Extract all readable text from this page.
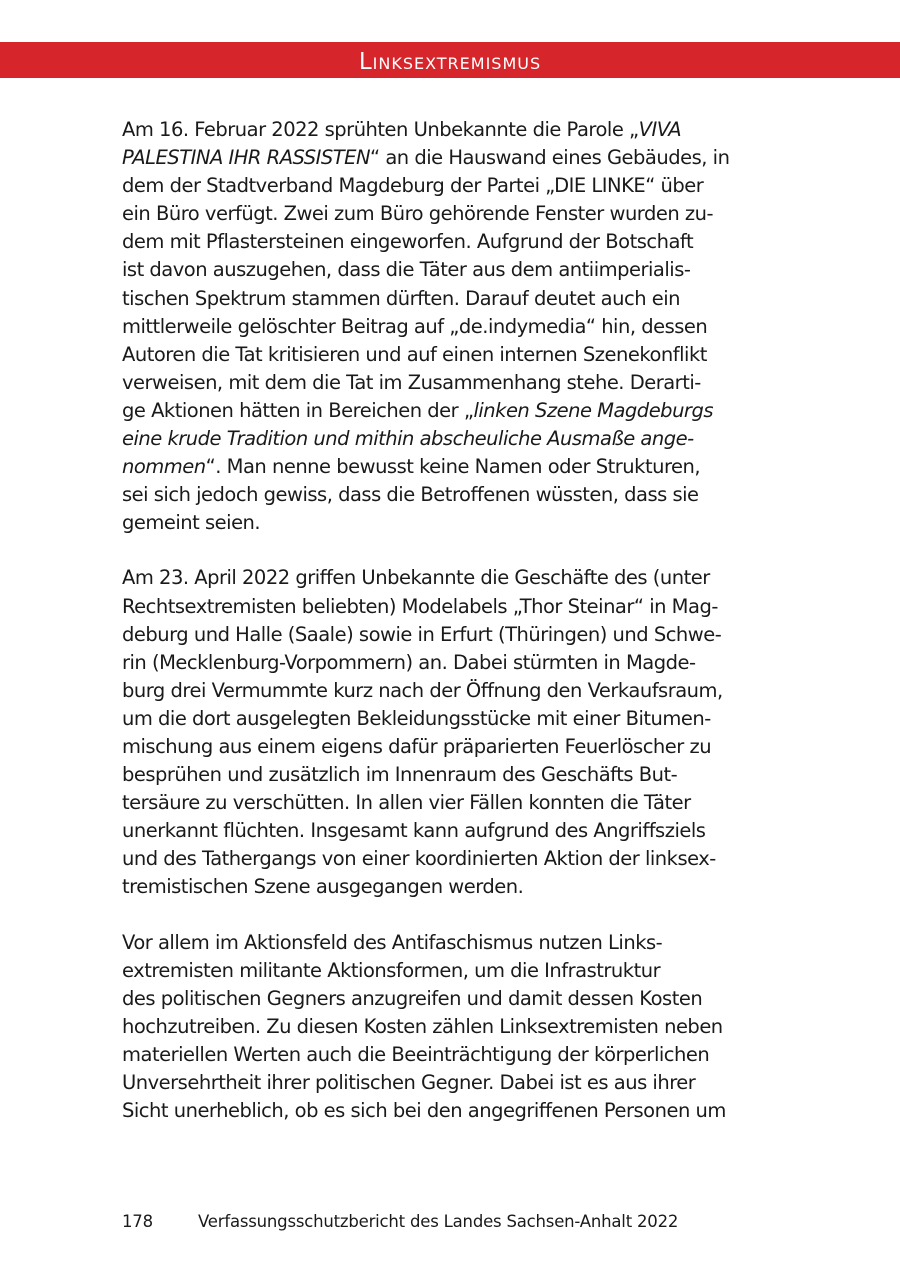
Linksextremismus

Am 16. Februar 2022 sprühten Unbekannte die Parole „VIVA
PALESTINA IHR RASSISTEN“ an die Hauswand eines Gebäudes, in
dem der Stadtverband Magdeburg der Partei „DIE LINKE“ über
ein Büro verfügt. Zwei zum Büro gehörende Fenster wurden zu-
dem mit Pflastersteinen eingeworfen. Aufgrund der Botschaft
ist davon auszugehen, dass die Täter aus dem antiimperialis-
tischen Spektrum stammen dürften. Darauf deutet auch ein
mittlerweile gelöschter Beitrag auf „de.indymedia“ hin, dessen
Autoren die Tat kritisieren und auf einen internen Szenekonflikt
verweisen, mit dem die Tat im Zusammenhang stehe. Derarti-
ge Aktionen hätten in Bereichen der „linken Szene Magdeburgs
eine krude Tradition und mithin abscheuliche Ausmaße ange-
nommen“. Man nenne bewusst keine Namen oder Strukturen,
sei sich jedoch gewiss, dass die Betroffenen wüssten, dass sie
gemeint seien.

Am 23. April 2022 griffen Unbekannte die Geschäfte des (unter
Rechtsextremisten beliebten) Modelabels „Thor Steinar“ in Mag-
deburg und Halle (Saale) sowie in Erfurt (Thüringen) und Schwe-
rin (Mecklenburg-Vorpommern) an. Dabei stürmten in Magde-
burg drei Vermummte kurz nach der Öffnung den Verkaufsraum,
um die dort ausgelegten Bekleidungsstücke mit einer Bitumen-
mischung aus einem eigens dafür präparierten Feuerlöscher zu
besprühen und zusätzlich im Innenraum des Geschäfts But-
tersäure zu verschütten. In allen vier Fällen konnten die Täter
unerkannt flüchten. Insgesamt kann aufgrund des Angriffsziels
und des Tathergangs von einer koordinierten Aktion der linksex-
tremistischen Szene ausgegangen werden.

Vor allem im Aktionsfeld des Antifaschismus nutzen Links-
extremisten militante Aktionsformen, um die Infrastruktur
des politischen Gegners anzugreifen und damit dessen Kosten
hochzutreiben. Zu diesen Kosten zählen Linksextremisten neben
materiellen Werten auch die Beeinträchtigung der körperlichen
Unversehrtheit ihrer politischen Gegner. Dabei ist es aus ihrer
Sicht unerheblich, ob es sich bei den angegriffenen Personen um

178	Verfassungsschutzbericht des Landes Sachsen-Anhalt 2022
